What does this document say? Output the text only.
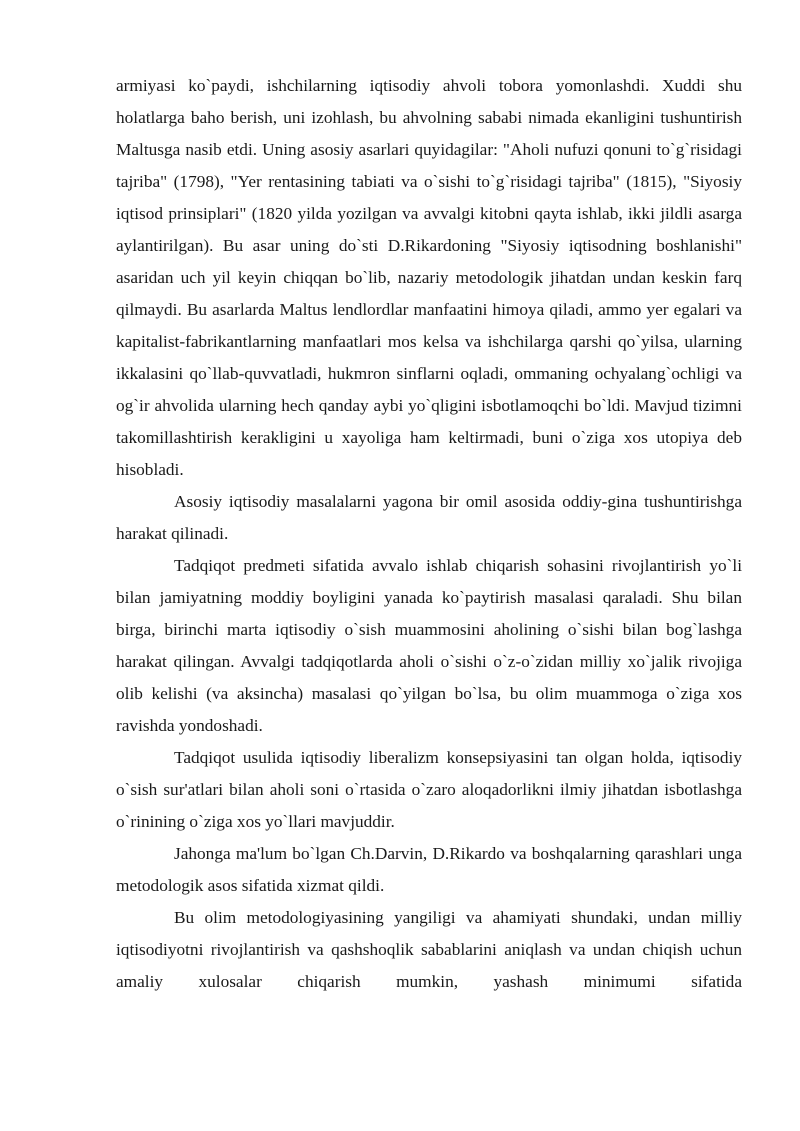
armiyasi ko`paydi, ishchilarning iqtisodiy ahvoli tobora yomonlashdi. Xuddi shu holatlarga baho berish, uni izohlash, bu ahvolning sababi nimada ekanligini tushuntirish Maltusga nasib etdi. Uning asosiy asarlari quyidagilar: "Aholi nufuzi qonuni to`g`risidagi tajriba" (1798), "Yer rentasining tabiati va o`sishi to`g`risidagi tajriba" (1815), "Siyosiy iqtisod prinsiplari" (1820 yilda yozilgan va avvalgi kitobni qayta ishlab, ikki jildli asarga aylantirilgan). Bu asar uning do`sti D.Rikardoning "Siyosiy iqtisodning boshlanishi" asaridan uch yil keyin chiqqan bo`lib, nazariy metodologik jihatdan undan keskin farq qilmaydi. Bu asarlarda Maltus lendlordlar manfaatini himoya qiladi, ammo yer egalari va kapitalist-fabrikantlarning manfaatlari mos kelsa va ishchilarga qarshi qo`yilsa, ularning ikkalasini qo`llab-quvvatladi, hukmron sinflarni oqladi, ommaning ochyalang`ochligi va og`ir ahvolida ularning hech qanday aybi yo`qligini isbotlamoqchi bo`ldi. Mavjud tizimni takomillashtirish kerakligini u xayoliga ham keltirmadi, buni o`ziga xos utopiya deb hisobladi.

Asosiy iqtisodiy masalalarni yagona bir omil asosida oddiy-gina tushuntirishga harakat qilinadi.

Tadqiqot predmeti sifatida avvalo ishlab chiqarish sohasini rivojlantirish yo`li bilan jamiyatning moddiy boyligini yanada ko`paytirish masalasi qaraladi. Shu bilan birga, birinchi marta iqtisodiy o`sish muammosini aholining o`sishi bilan bog`lashga harakat qilingan. Avvalgi tadqiqotlarda aholi o`sishi o`z-o`zidan milliy xo`jalik rivojiga olib kelishi (va aksincha) masalasi qo`yilgan bo`lsa, bu olim muammoga o`ziga xos ravishda yondoshadi.

Tadqiqot usulida iqtisodiy liberalizm konsepsiyasini tan olgan holda, iqtisodiy o`sish sur'atlari bilan aholi soni o`rtasida o`zaro aloqadorlikni ilmiy jihatdan isbotlashga o`rinining o`ziga xos yo`llari mavjuddir.

Jahonga ma'lum bo`lgan Ch.Darvin, D.Rikardo va boshqalarning qarashlari unga metodologik asos sifatida xizmat qildi.

Bu olim metodologiyasining yangiligi va ahamiyati shundaki, undan milliy iqtisodiyotni rivojlantirish va qashshoqlik sabablarini aniqlash va undan chiqish uchun amaliy xulosalar chiqarish mumkin, yashash minimumi sifatida
